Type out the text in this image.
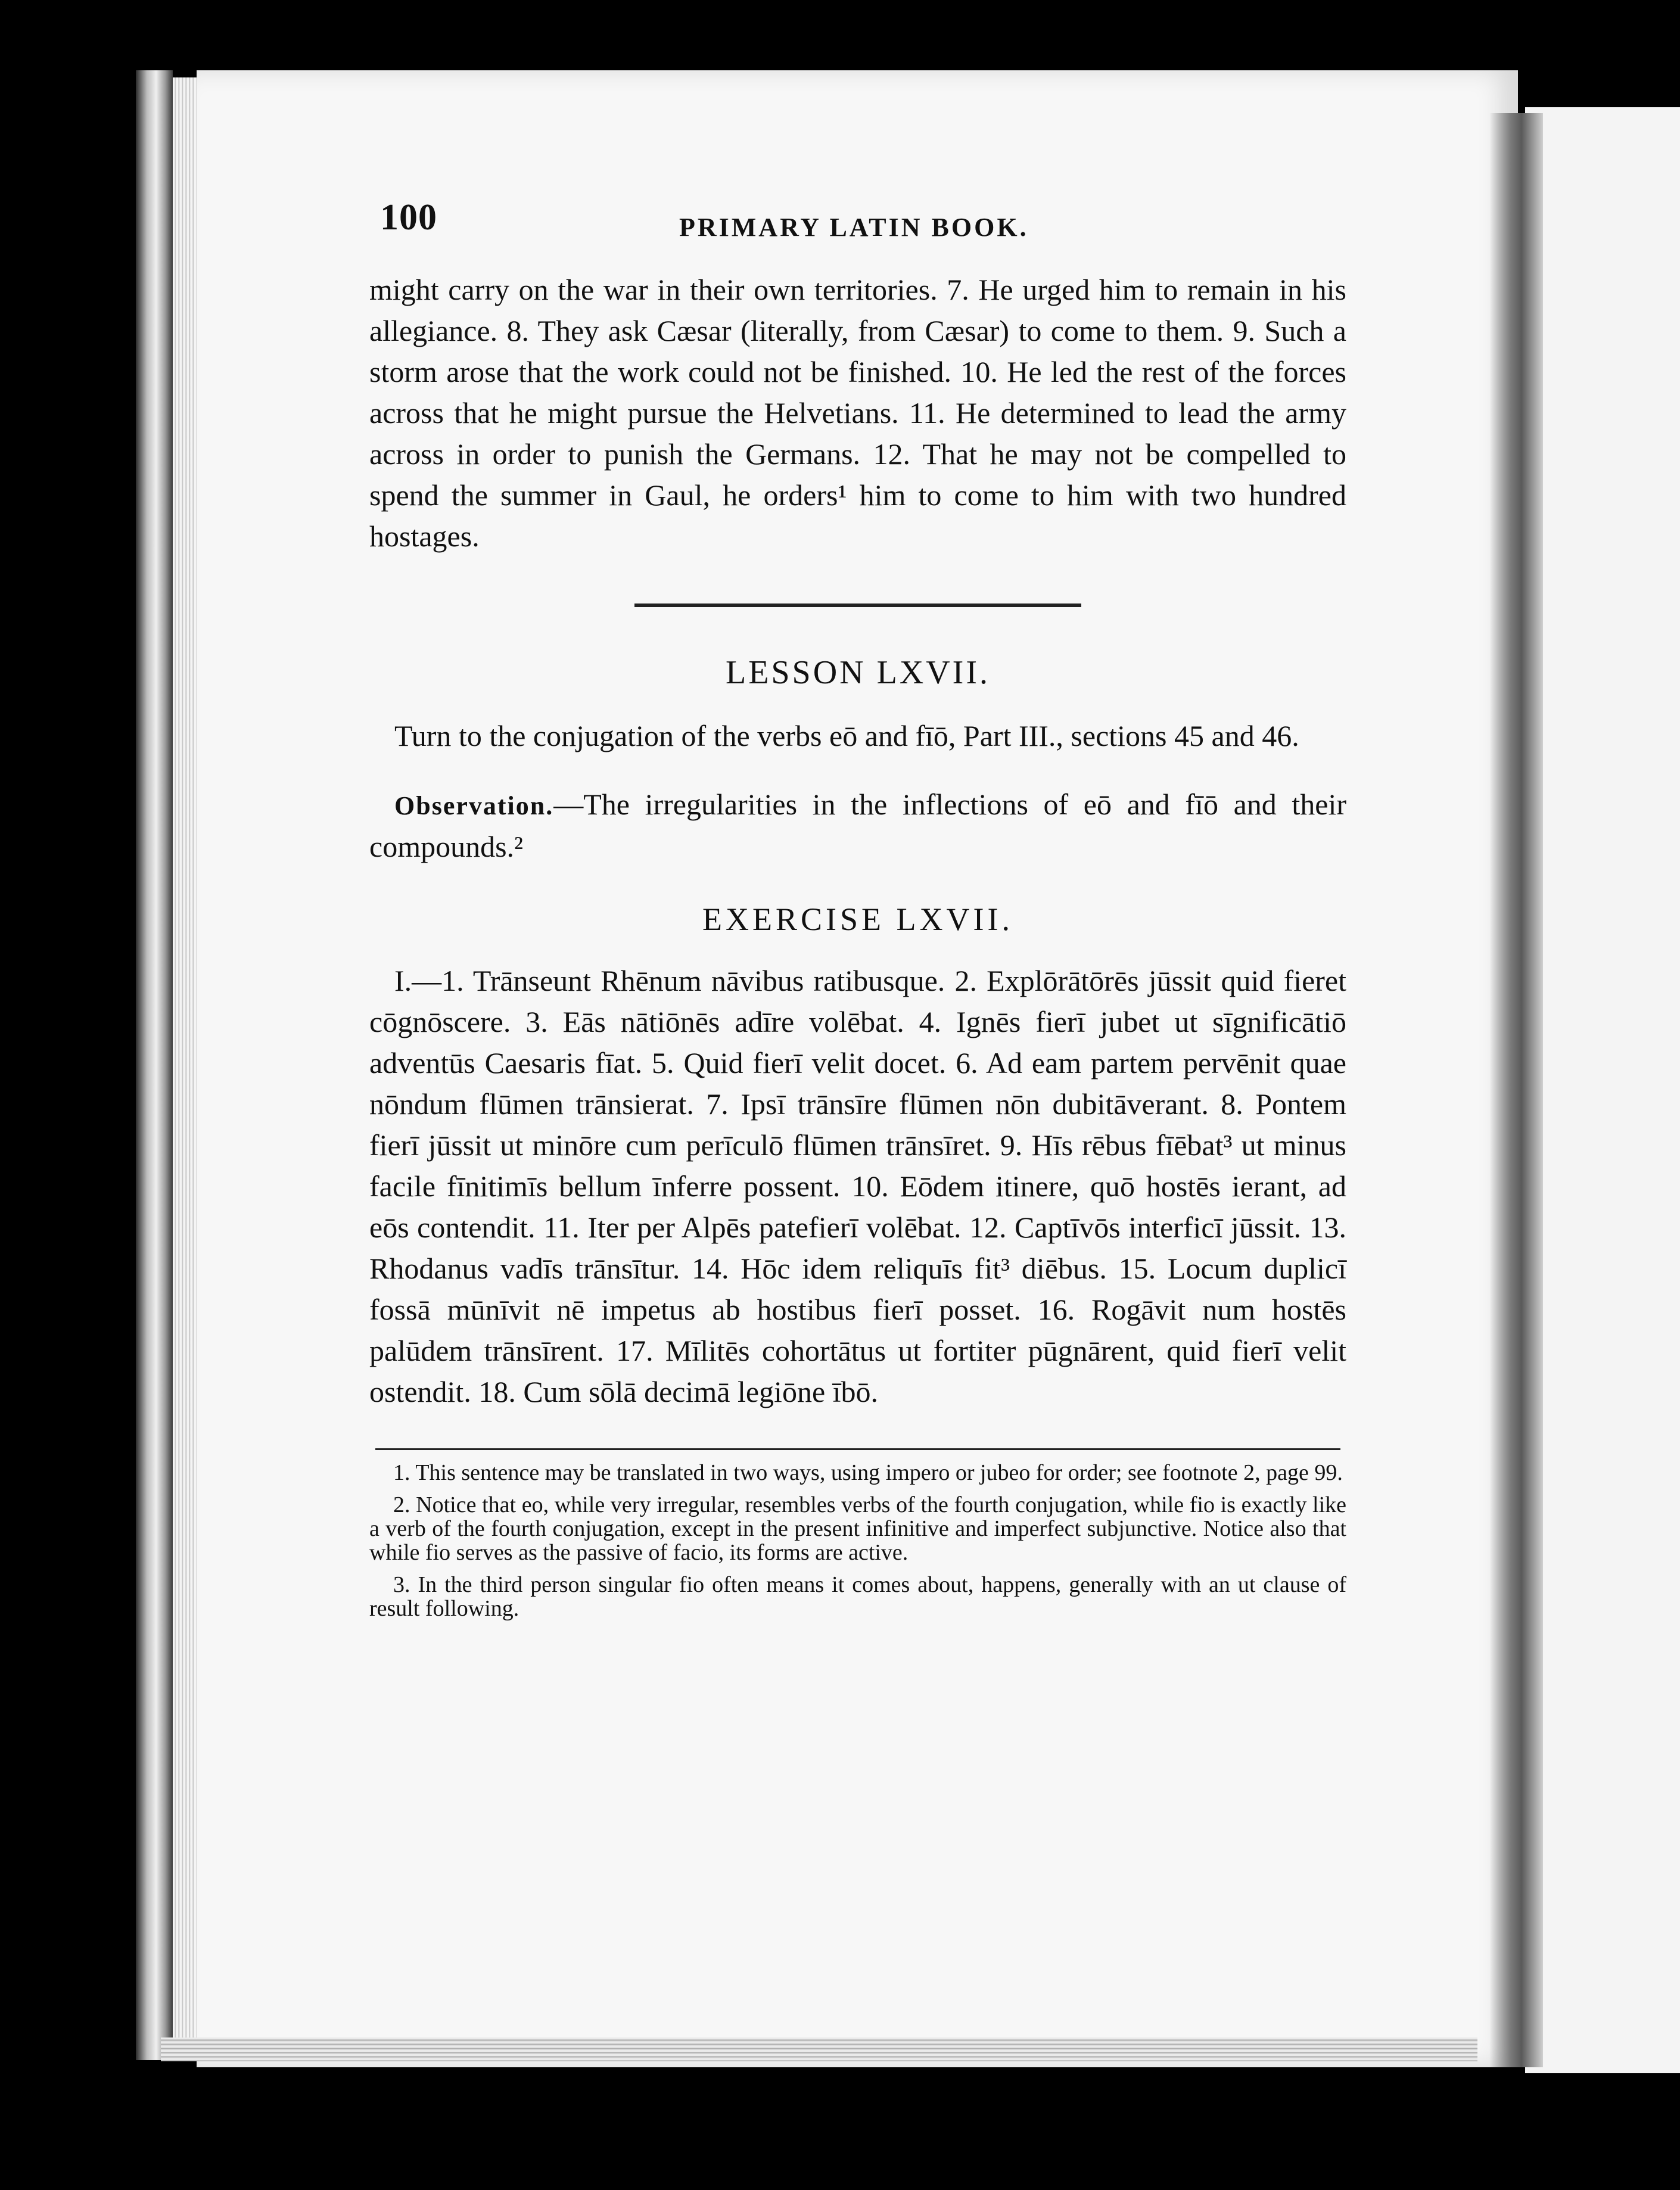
100	PRIMARY LATIN BOOK.

might carry on the war in their own territories. 7. He urged him to remain in his allegiance. 8. They ask Cæsar (literally, from Cæsar) to come to them. 9. Such a storm arose that the work could not be finished. 10. He led the rest of the forces across that he might pursue the Helvetians. 11. He determined to lead the army across in order to punish the Germans. 12. That he may not be compelled to spend the summer in Gaul, he orders¹ him to come to him with two hundred hostages.

LESSON LXVII.

Turn to the conjugation of the verbs eō and fīō, Part III., sections 45 and 46.

Observation.—The irregularities in the inflections of eō and fīō and their compounds.²

EXERCISE LXVII.

I.—1. Trānseunt Rhēnum nāvibus ratibusque. 2. Explōrātōrēs jūssit quid fieret cōgnōscere. 3. Eās nātiōnēs adīre volēbat. 4. Ignēs fierī jubet ut sīgnificātiō adventūs Caesaris fīat. 5. Quid fierī velit docet. 6. Ad eam partem pervēnit quae nōndum flūmen trānsierat. 7. Ipsī trānsīre flūmen nōn dubitāverant. 8. Pontem fierī jūssit ut minōre cum perīculō flūmen trānsīret. 9. Hīs rēbus fīēbat³ ut minus facile fīnitimīs bellum īnferre possent. 10. Eōdem itinere, quō hostēs ierant, ad eōs contendit. 11. Iter per Alpēs patefierī volēbat. 12. Captīvōs interficī jūssit. 13. Rhodanus vadīs trānsītur. 14. Hōc idem reliquīs fit³ diēbus. 15. Locum duplicī fossā mūnīvit nē impetus ab hostibus fierī posset. 16. Rogāvit num hostēs palūdem trānsīrent. 17. Mīlitēs cohortātus ut fortiter pūgnārent, quid fierī velit ostendit. 18. Cum sōlā decimā legiōne ībō.

1. This sentence may be translated in two ways, using impero or jubeo for order; see footnote 2, page 99.

2. Notice that eo, while very irregular, resembles verbs of the fourth conjugation, while fio is exactly like a verb of the fourth conjugation, except in the present infinitive and imperfect subjunctive. Notice also that while fio serves as the passive of facio, its forms are active.

3. In the third person singular fio often means it comes about, happens, generally with an ut clause of result following.
